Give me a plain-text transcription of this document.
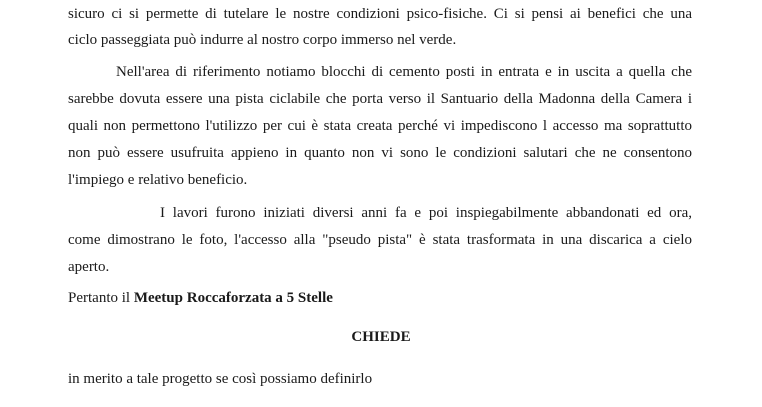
sicuro ci si permette di tutelare le nostre condizioni psico-fisiche. Ci si pensi ai benefici che una
ciclo passeggiata può indurre al nostro corpo immerso nel verde.
Nell'area di riferimento notiamo blocchi di cemento posti in entrata e in uscita a quella che
sarebbe dovuta essere una pista ciclabile che porta verso il Santuario della Madonna della Camera i
quali non permettono l'utilizzo per cui è stata creata perché vi impediscono l accesso ma soprattutto
non può essere usufruita appieno in quanto non vi sono le condizioni salutari che ne consentono
l'impiego e relativo beneficio.
I lavori furono iniziati diversi anni fa e poi inspiegabilmente abbandonati ed ora,
come dimostrano le foto, l'accesso alla "pseudo pista" è stata trasformata in una discarica a cielo
aperto.
Pertanto il Meetup Roccaforzata a 5 Stelle
CHIEDE
in merito a tale progetto se così possiamo definirlo
